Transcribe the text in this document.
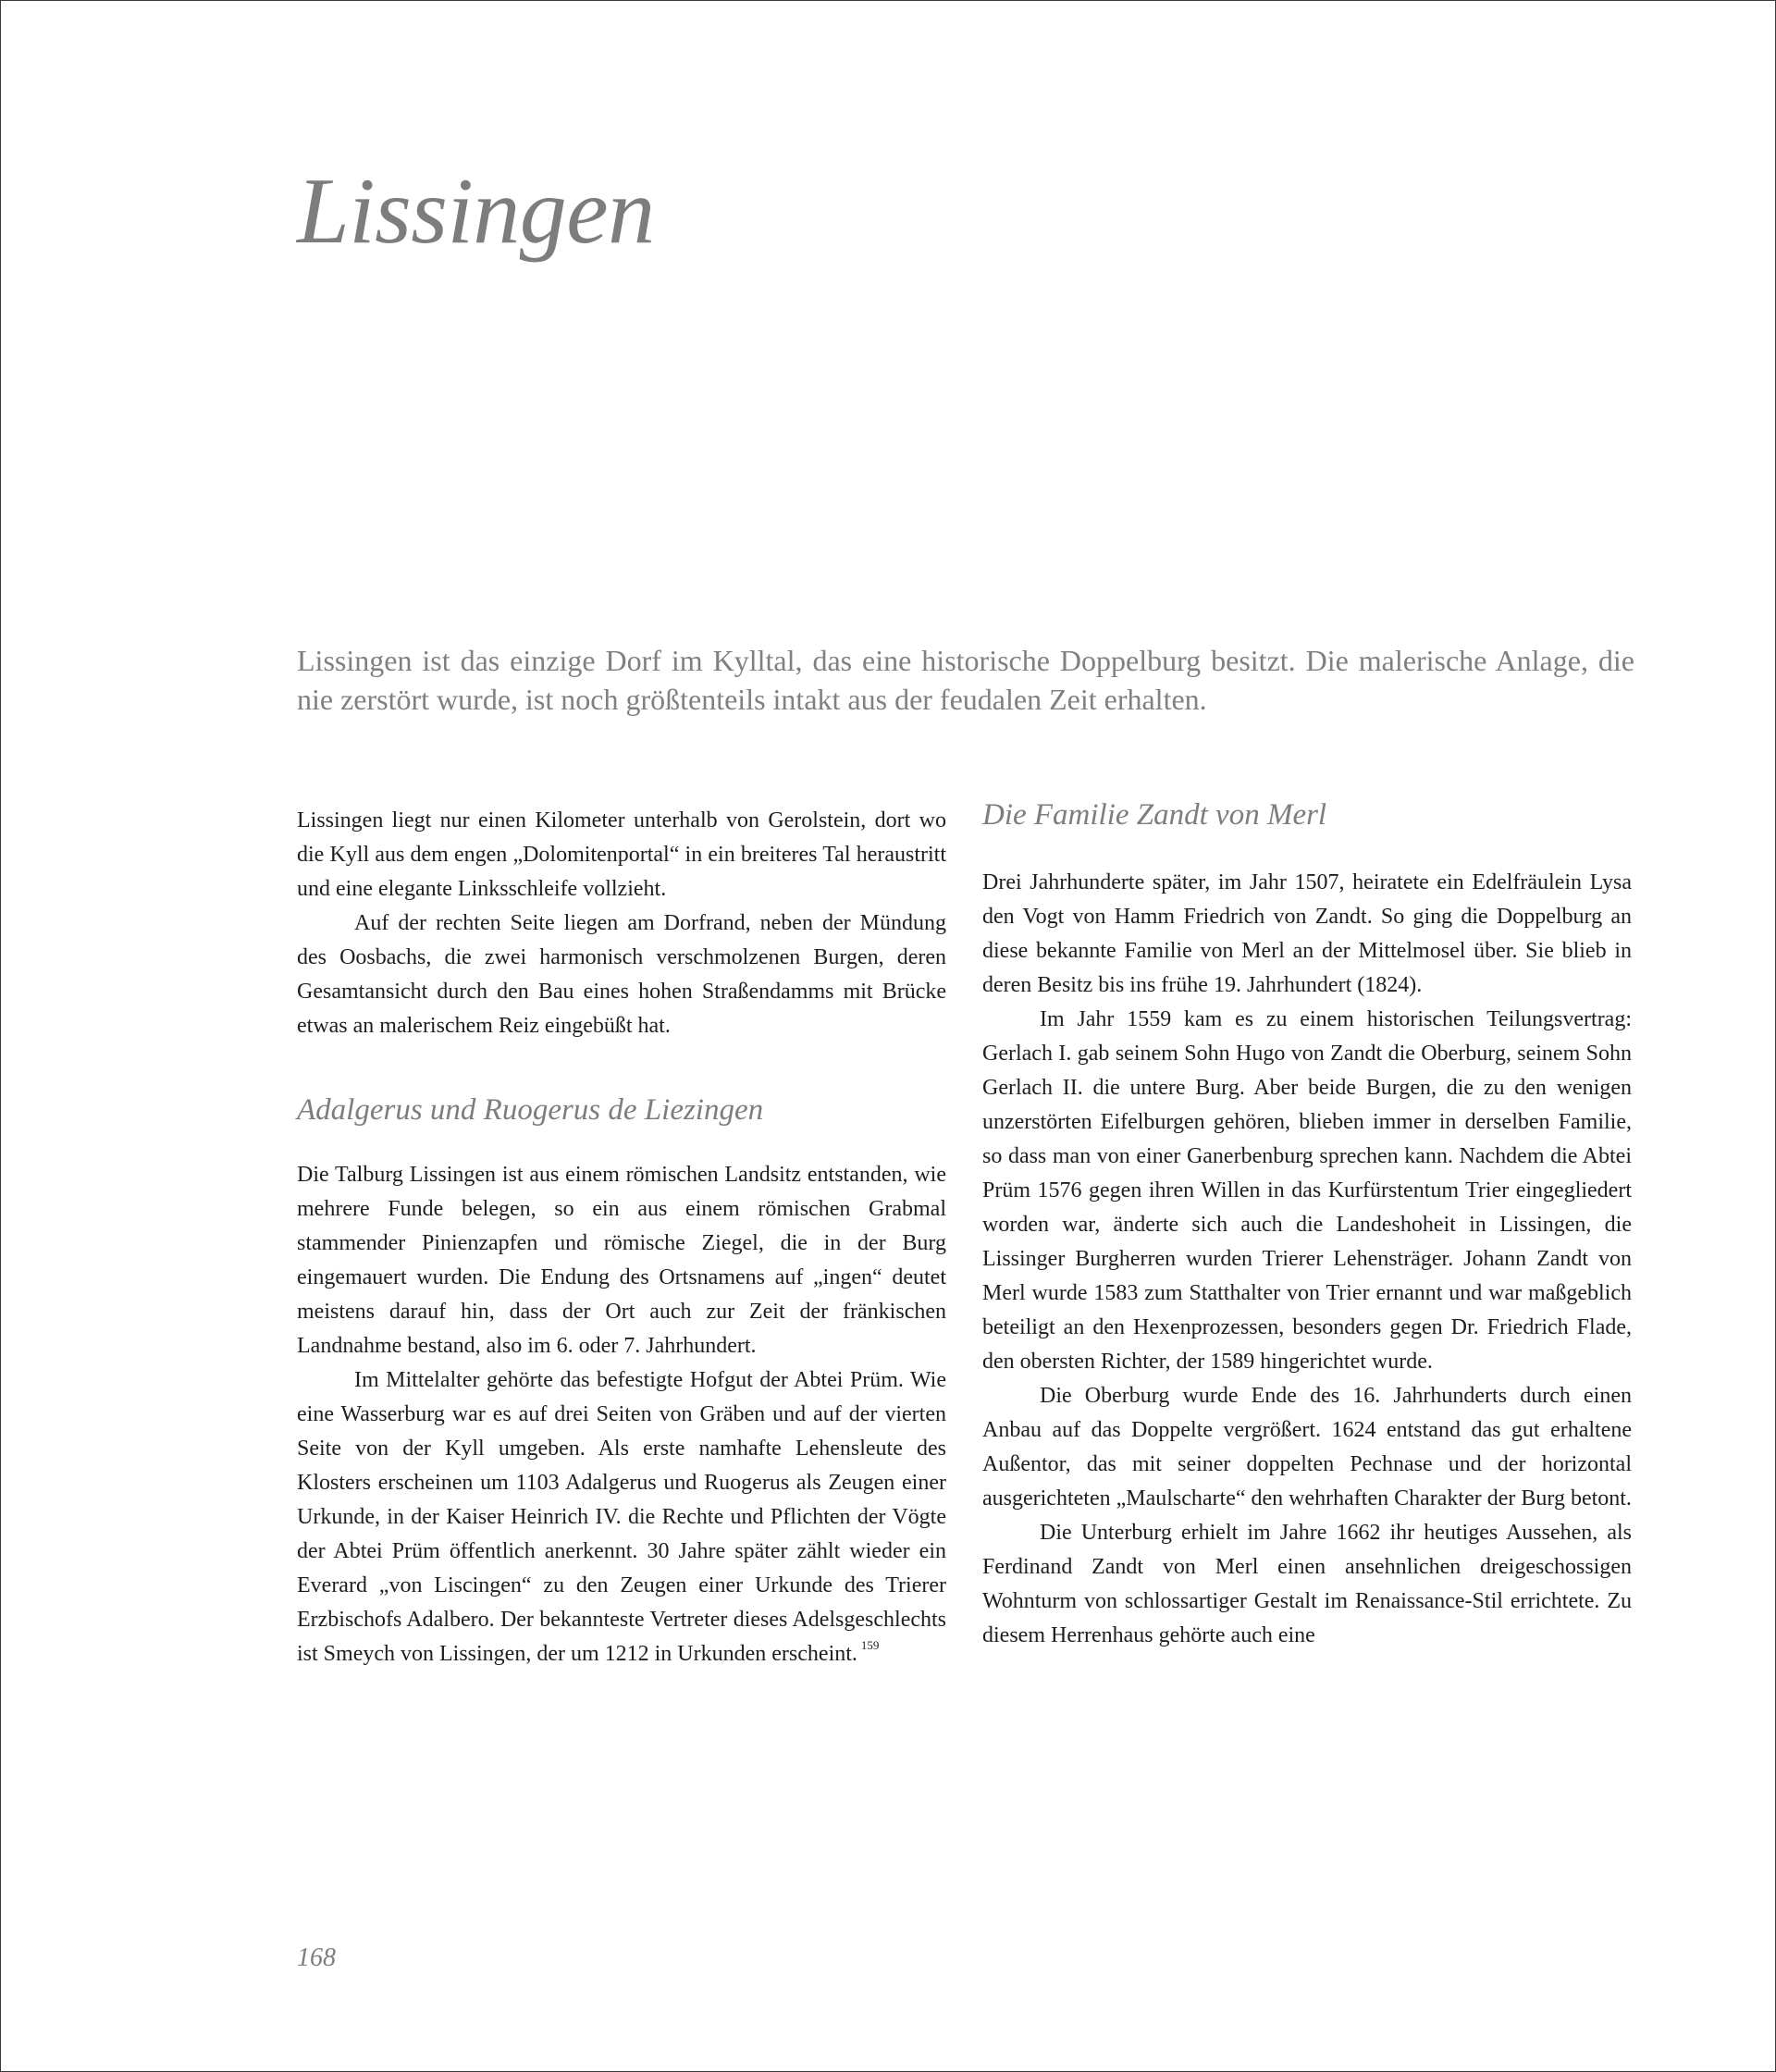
Lissingen

Lissingen ist das einzige Dorf im Kylltal, das eine historische Doppelburg besitzt. Die malerische Anlage, die nie zerstört wurde, ist noch größtenteils intakt aus der feudalen Zeit erhalten.

Lissingen liegt nur einen Kilometer unterhalb von Gerolstein, dort wo die Kyll aus dem engen „Dolomitenportal“ in ein breiteres Tal heraustritt und eine elegante Linksschleife vollzieht.

Auf der rechten Seite liegen am Dorfrand, neben der Mündung des Oosbachs, die zwei harmonisch verschmolzenen Burgen, deren Gesamtansicht durch den Bau eines hohen Straßendamms mit Brücke etwas an malerischem Reiz eingebüßt hat.

Adalgerus und Ruogerus de Liezingen

Die Talburg Lissingen ist aus einem römischen Landsitz entstanden, wie mehrere Funde belegen, so ein aus einem römischen Grabmal stammender Pinienzapfen und römische Ziegel, die in der Burg eingemauert wurden. Die Endung des Ortsnamens auf „ingen“ deutet meistens darauf hin, dass der Ort auch zur Zeit der fränkischen Landnahme bestand, also im 6. oder 7. Jahrhundert.

Im Mittelalter gehörte das befestigte Hofgut der Abtei Prüm. Wie eine Wasserburg war es auf drei Seiten von Gräben und auf der vierten Seite von der Kyll umgeben. Als erste namhafte Lehensleute des Klosters erscheinen um 1103 Adalgerus und Ruogerus als Zeugen einer Urkunde, in der Kaiser Heinrich IV. die Rechte und Pflichten der Vögte der Abtei Prüm öffentlich anerkennt. 30 Jahre später zählt wieder ein Everard „von Liscingen“ zu den Zeugen einer Urkunde des Trierer Erzbischofs Adalbero. Der bekannteste Vertreter dieses Adelsgeschlechts ist Smeych von Lissingen, der um 1212 in Urkunden erscheint. $^{159}$

Die Familie Zandt von Merl

Drei Jahrhunderte später, im Jahr 1507, heiratete ein Edelfräulein Lysa den Vogt von Hamm Friedrich von Zandt. So ging die Doppelburg an diese bekannte Familie von Merl an der Mittelmosel über. Sie blieb in deren Besitz bis ins frühe 19. Jahrhundert (1824).

Im Jahr 1559 kam es zu einem historischen Teilungsvertrag: Gerlach I. gab seinem Sohn Hugo von Zandt die Oberburg, seinem Sohn Gerlach II. die untere Burg. Aber beide Burgen, die zu den wenigen unzerstörten Eifelburgen gehören, blieben immer in derselben Familie, so dass man von einer Ganerbenburg sprechen kann. Nachdem die Abtei Prüm 1576 gegen ihren Willen in das Kurfürstentum Trier eingegliedert worden war, änderte sich auch die Landeshoheit in Lissingen, die Lissinger Burgherren wurden Trierer Lehensträger. Johann Zandt von Merl wurde 1583 zum Statthalter von Trier ernannt und war maßgeblich beteiligt an den Hexenprozessen, besonders gegen Dr. Friedrich Flade, den obersten Richter, der 1589 hingerichtet wurde.

Die Oberburg wurde Ende des 16. Jahrhunderts durch einen Anbau auf das Doppelte vergrößert. 1624 entstand das gut erhaltene Außentor, das mit seiner doppelten Pechnase und der horizontal ausgerichteten „Maulscharte“ den wehrhaften Charakter der Burg betont.

Die Unterburg erhielt im Jahre 1662 ihr heutiges Aussehen, als Ferdinand Zandt von Merl einen ansehnlichen dreigeschossigen Wohnturm von schlossartiger Gestalt im Renaissance-Stil errichtete. Zu diesem Herrenhaus gehörte auch eine

168
